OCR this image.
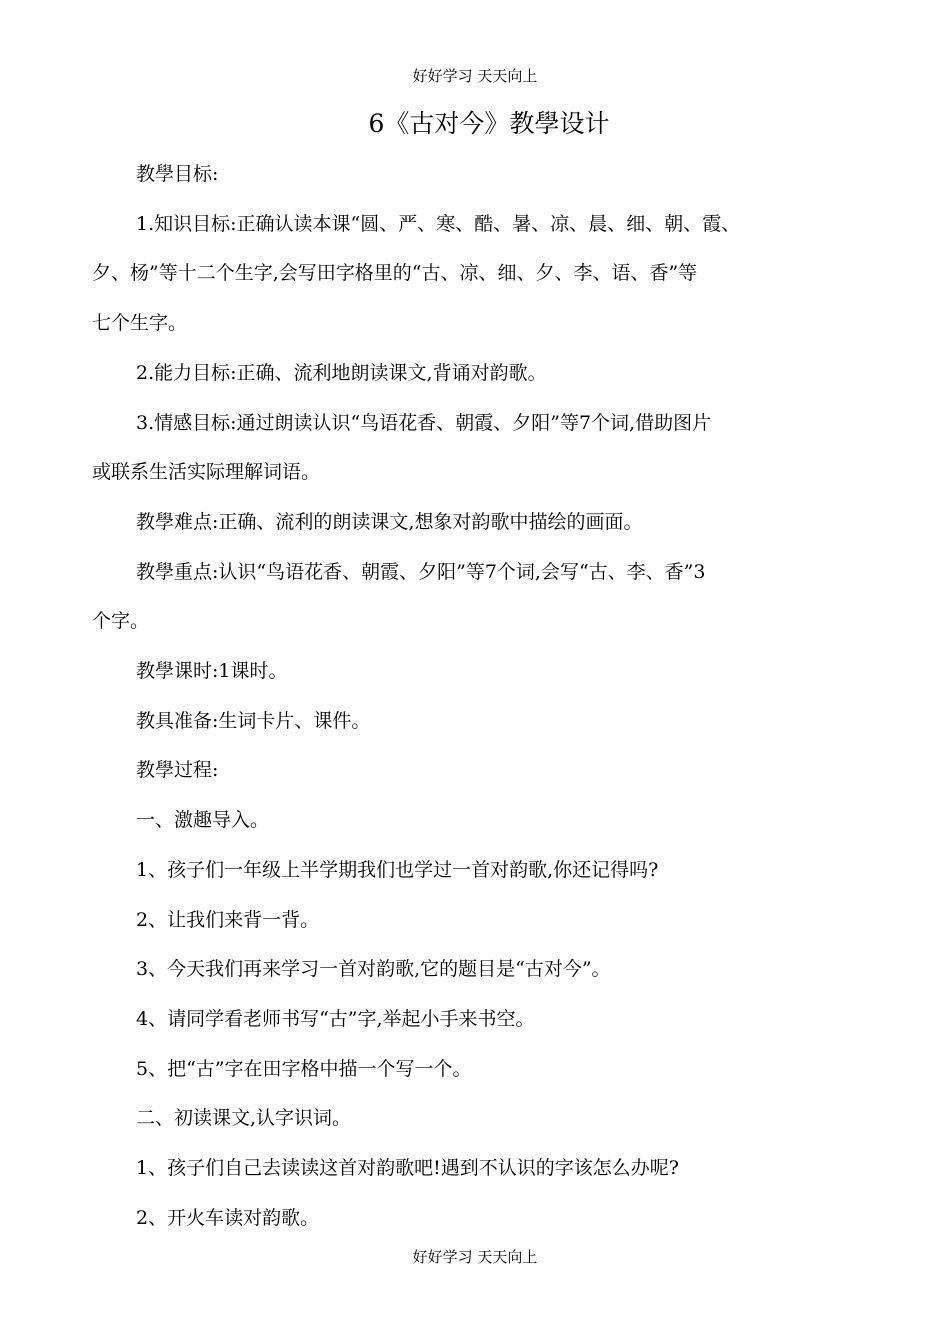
好好学习 天天向上
6《古对今》教學设计
教學目标:
1.知识目标:正确认读本课“圆、严、寒、酷、暑、凉、晨、细、朝、霞、
夕、杨”等十二个生字,会写田字格里的“古、凉、细、夕、李、语、香”等
七个生字。
2.能力目标:正确、流利地朗读课文,背诵对韵歌。
3.情感目标:通过朗读认识“鸟语花香、朝霞、夕阳”等7个词,借助图片
或联系生活实际理解词语。
教學难点:正确、流利的朗读课文,想象对韵歌中描绘的画面。
教學重点:认识“鸟语花香、朝霞、夕阳”等7个词,会写“古、李、香”3
个字。
教學课时:1课时。
教具准备:生词卡片、课件。
教學过程:
一、激趣导入。
1、孩子们一年级上半学期我们也学过一首对韵歌,你还记得吗?
2、让我们来背一背。
3、今天我们再来学习一首对韵歌,它的题目是“古对今”。
4、请同学看老师书写“古”字,举起小手来书空。
5、把“古”字在田字格中描一个写一个。
二、初读课文,认字识词。
1、孩子们自己去读读这首对韵歌吧!遇到不认识的字该怎么办呢?
2、开火车读对韵歌。
好好学习 天天向上
